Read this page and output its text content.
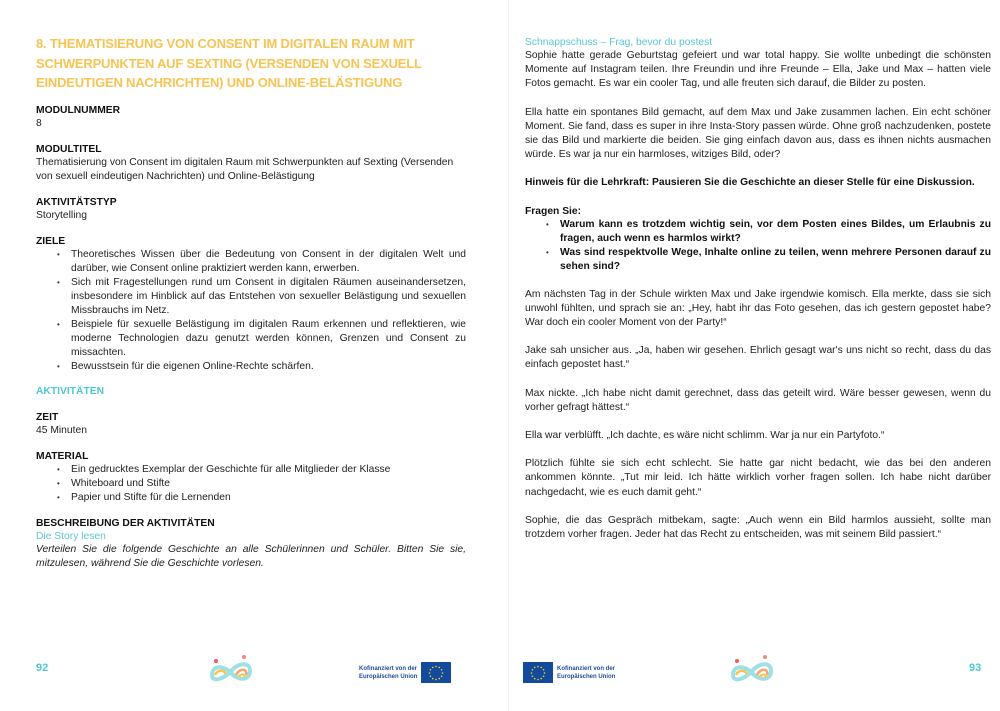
8. THEMATISIERUNG VON CONSENT IM DIGITALEN RAUM MIT SCHWERPUNKTEN AUF SEXTING (VERSENDEN VON SEXUELL EINDEUTIGEN NACHRICHTEN) UND ONLINE-BELÄSTIGUNG
MODULNUMMER
8
MODULTITEL
Thematisierung von Consent im digitalen Raum mit Schwerpunkten auf Sexting (Versenden von sexuell eindeutigen Nachrichten) und Online-Belästigung
AKTIVITÄTSTYP
Storytelling
ZIELE
• Theoretisches Wissen über die Bedeutung von Consent in der digitalen Welt und darüber, wie Consent online praktiziert werden kann, erwerben.
• Sich mit Fragestellungen rund um Consent in digitalen Räumen auseinandersetzen, insbesondere im Hinblick auf das Entstehen von sexueller Belästigung und sexuellen Missbrauchs im Netz.
• Beispiele für sexuelle Belästigung im digitalen Raum erkennen und reflektieren, wie moderne Technologien dazu genutzt werden können, Grenzen und Consent zu missachten.
• Bewusstsein für die eigenen Online-Rechte schärfen.
AKTIVITÄTEN
ZEIT
45 Minuten
MATERIAL
• Ein gedrucktes Exemplar der Geschichte für alle Mitglieder der Klasse
• Whiteboard und Stifte
• Papier und Stifte für die Lernenden
BESCHREIBUNG DER AKTIVITÄTEN
Die Story lesen
Verteilen Sie die folgende Geschichte an alle Schülerinnen und Schüler. Bitten Sie sie, mitzulesen, während Sie die Geschichte vorlesen.
92	Kofinanziert von der
Europäischen Union
Schnappschuss – Frag, bevor du postest

Sophie hatte gerade Geburtstag gefeiert und war total happy. Sie wollte unbedingt die schönsten Momente auf Instagram teilen. Ihre Freundin und ihre Freunde – Ella, Jake und Max – hatten viele Fotos gemacht. Es war ein cooler Tag, und alle freuten sich darauf, die Bilder zu posten.

Ella hatte ein spontanes Bild gemacht, auf dem Max und Jake zusammen lachen. Ein echt schöner Moment. Sie fand, dass es super in ihre Insta-Story passen würde. Ohne groß nachzudenken, postete sie das Bild und markierte die beiden. Sie ging einfach davon aus, dass es ihnen nichts ausmachen würde. Es war ja nur ein harmloses, witziges Bild, oder?

Hinweis für die Lehrkraft: Pausieren Sie die Geschichte an dieser Stelle für eine Diskussion.

Fragen Sie:
• Warum kann es trotzdem wichtig sein, vor dem Posten eines Bildes, um Erlaubnis zu fragen, auch wenn es harmlos wirkt?
• Was sind respektvolle Wege, Inhalte online zu teilen, wenn mehrere Personen darauf zu sehen sind?

Am nächsten Tag in der Schule wirkten Max und Jake irgendwie komisch. Ella merkte, dass sie sich unwohl fühlten, und sprach sie an: „Hey, habt ihr das Foto gesehen, das ich gestern gepostet habe? War doch ein cooler Moment von der Party!“

Jake sah unsicher aus. „Ja, haben wir gesehen. Ehrlich gesagt war's uns nicht so recht, dass du das einfach gepostet hast.“

Max nickte. „Ich habe nicht damit gerechnet, dass das geteilt wird. Wäre besser gewesen, wenn du vorher gefragt hättest.“

Ella war verblüfft. „Ich dachte, es wäre nicht schlimm. War ja nur ein Partyfoto.“

Plötzlich fühlte sie sich echt schlecht. Sie hatte gar nicht bedacht, wie das bei den anderen ankommen könnte. „Tut mir leid. Ich hätte wirklich vorher fragen sollen. Ich habe nicht darüber nachgedacht, wie es euch damit geht.“

Sophie, die das Gespräch mitbekam, sagte: „Auch wenn ein Bild harmlos aussieht, sollte man trotzdem vorher fragen. Jeder hat das Recht zu entscheiden, was mit seinem Bild passiert.“

Kofinanziert von der
Europäischen Union
93
